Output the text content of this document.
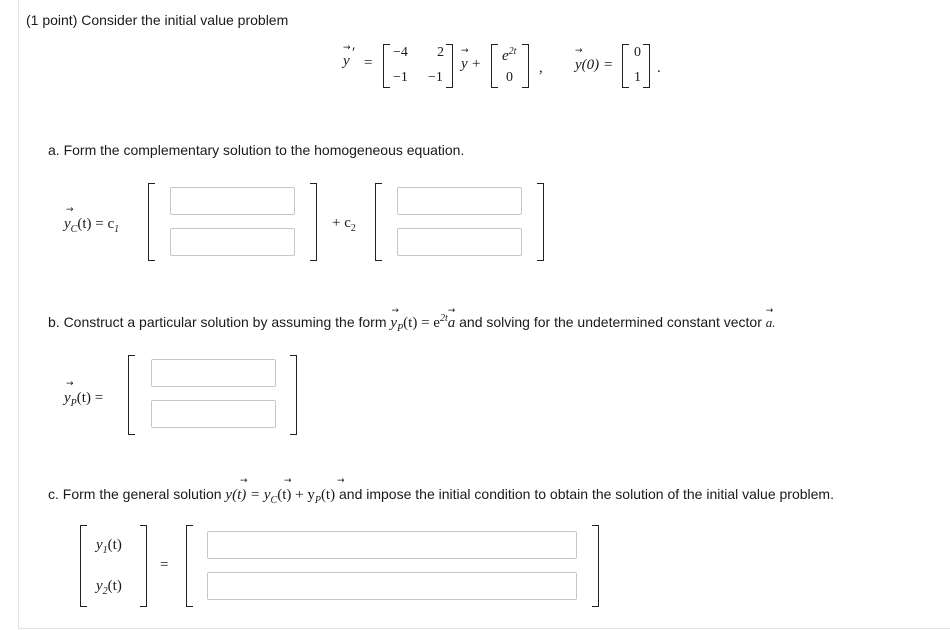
(1 point) Consider the initial value problem
→
y ′
=
−4 2
−1 −1
→
$y + e^{2t}$
0
,
→
y(0) =
0
1
.
a. Form the complementary solution to the homogeneous equation.
→
$y_C(t) = c_1$	+ $c_2$
b. Construct a particular solution by assuming the form
→
$y_P(t) = e^{2t}$
→
a and solving for the undetermined constant vector
→
a.
→
$y_P(t)$ =
c. Form the general solution $y(t) = y_C(t) + y_P(t)$ and impose the initial condition to obtain the solution of the initial value problem.
→	→	→
$y_1(t)$
$y_2(t)$
=
